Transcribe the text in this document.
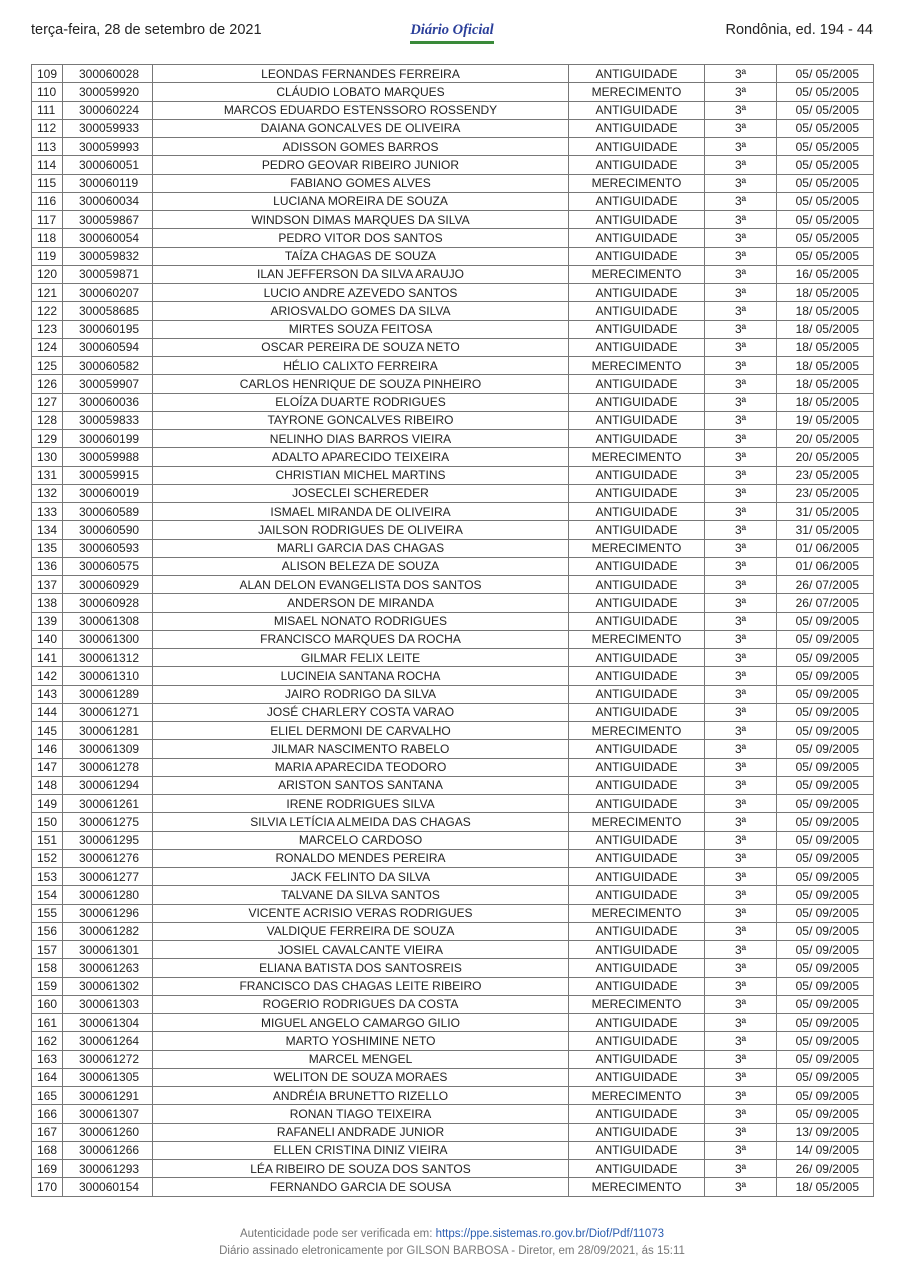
terça-feira, 28 de setembro de 2021	Diário Oficial	Rondônia, ed. 194 - 44
109	300060028	LEONDAS FERNANDES FERREIRA	ANTIGUIDADE	3ª	05/ 05/2005
110	300059920	CLÁUDIO LOBATO MARQUES	MERECIMENTO	3ª	05/ 05/2005
111	300060224	MARCOS EDUARDO ESTENSSORO ROSSENDY	ANTIGUIDADE	3ª	05/ 05/2005
112	300059933	DAIANA GONCALVES DE OLIVEIRA	ANTIGUIDADE	3ª	05/ 05/2005
113	300059993	ADISSON GOMES BARROS	ANTIGUIDADE	3ª	05/ 05/2005
114	300060051	PEDRO GEOVAR RIBEIRO JUNIOR	ANTIGUIDADE	3ª	05/ 05/2005
115	300060119	FABIANO GOMES ALVES	MERECIMENTO	3ª	05/ 05/2005
116	300060034	LUCIANA MOREIRA DE SOUZA	ANTIGUIDADE	3ª	05/ 05/2005
117	300059867	WINDSON DIMAS MARQUES DA SILVA	ANTIGUIDADE	3ª	05/ 05/2005
118	300060054	PEDRO VITOR DOS SANTOS	ANTIGUIDADE	3ª	05/ 05/2005
119	300059832	TAÍZA CHAGAS DE SOUZA	ANTIGUIDADE	3ª	05/ 05/2005
120	300059871	ILAN JEFFERSON DA SILVA ARAUJO	MERECIMENTO	3ª	16/ 05/2005
121	300060207	LUCIO ANDRE AZEVEDO SANTOS	ANTIGUIDADE	3ª	18/ 05/2005
122	300058685	ARIOSVALDO GOMES DA SILVA	ANTIGUIDADE	3ª	18/ 05/2005
123	300060195	MIRTES SOUZA FEITOSA	ANTIGUIDADE	3ª	18/ 05/2005
124	300060594	OSCAR PEREIRA DE SOUZA NETO	ANTIGUIDADE	3ª	18/ 05/2005
125	300060582	HÉLIO CALIXTO FERREIRA	MERECIMENTO	3ª	18/ 05/2005
126	300059907	CARLOS HENRIQUE DE SOUZA PINHEIRO	ANTIGUIDADE	3ª	18/ 05/2005
127	300060036	ELOÍZA DUARTE RODRIGUES	ANTIGUIDADE	3ª	18/ 05/2005
128	300059833	TAYRONE GONCALVES RIBEIRO	ANTIGUIDADE	3ª	19/ 05/2005
129	300060199	NELINHO DIAS BARROS VIEIRA	ANTIGUIDADE	3ª	20/ 05/2005
130	300059988	ADALTO APARECIDO TEIXEIRA	MERECIMENTO	3ª	20/ 05/2005
131	300059915	CHRISTIAN MICHEL MARTINS	ANTIGUIDADE	3ª	23/ 05/2005
132	300060019	JOSECLEI SCHEREDER	ANTIGUIDADE	3ª	23/ 05/2005
133	300060589	ISMAEL MIRANDA DE OLIVEIRA	ANTIGUIDADE	3ª	31/ 05/2005
134	300060590	JAILSON RODRIGUES DE OLIVEIRA	ANTIGUIDADE	3ª	31/ 05/2005
135	300060593	MARLI GARCIA DAS CHAGAS	MERECIMENTO	3ª	01/ 06/2005
136	300060575	ALISON BELEZA DE SOUZA	ANTIGUIDADE	3ª	01/ 06/2005
137	300060929	ALAN DELON EVANGELISTA DOS SANTOS	ANTIGUIDADE	3ª	26/ 07/2005
138	300060928	ANDERSON DE MIRANDA	ANTIGUIDADE	3ª	26/ 07/2005
139	300061308	MISAEL NONATO RODRIGUES	ANTIGUIDADE	3ª	05/ 09/2005
140	300061300	FRANCISCO MARQUES DA ROCHA	MERECIMENTO	3ª	05/ 09/2005
141	300061312	GILMAR FELIX LEITE	ANTIGUIDADE	3ª	05/ 09/2005
142	300061310	LUCINEIA SANTANA ROCHA	ANTIGUIDADE	3ª	05/ 09/2005
143	300061289	JAIRO RODRIGO DA SILVA	ANTIGUIDADE	3ª	05/ 09/2005
144	300061271	JOSÉ CHARLERY COSTA VARAO	ANTIGUIDADE	3ª	05/ 09/2005
145	300061281	ELIEL DERMONI DE CARVALHO	MERECIMENTO	3ª	05/ 09/2005
146	300061309	JILMAR NASCIMENTO RABELO	ANTIGUIDADE	3ª	05/ 09/2005
147	300061278	MARIA APARECIDA TEODORO	ANTIGUIDADE	3ª	05/ 09/2005
148	300061294	ARISTON SANTOS SANTANA	ANTIGUIDADE	3ª	05/ 09/2005
149	300061261	IRENE RODRIGUES SILVA	ANTIGUIDADE	3ª	05/ 09/2005
150	300061275	SILVIA LETÍCIA ALMEIDA DAS CHAGAS	MERECIMENTO	3ª	05/ 09/2005
151	300061295	MARCELO CARDOSO	ANTIGUIDADE	3ª	05/ 09/2005
152	300061276	RONALDO MENDES PEREIRA	ANTIGUIDADE	3ª	05/ 09/2005
153	300061277	JACK FELINTO DA SILVA	ANTIGUIDADE	3ª	05/ 09/2005
154	300061280	TALVANE DA SILVA SANTOS	ANTIGUIDADE	3ª	05/ 09/2005
155	300061296	VICENTE ACRISIO VERAS RODRIGUES	MERECIMENTO	3ª	05/ 09/2005
156	300061282	VALDIQUE FERREIRA DE SOUZA	ANTIGUIDADE	3ª	05/ 09/2005
157	300061301	JOSIEL CAVALCANTE VIEIRA	ANTIGUIDADE	3ª	05/ 09/2005
158	300061263	ELIANA BATISTA DOS SANTOSREIS	ANTIGUIDADE	3ª	05/ 09/2005
159	300061302	FRANCISCO DAS CHAGAS LEITE RIBEIRO	ANTIGUIDADE	3ª	05/ 09/2005
160	300061303	ROGERIO RODRIGUES DA COSTA	MERECIMENTO	3ª	05/ 09/2005
161	300061304	MIGUEL ANGELO CAMARGO GILIO	ANTIGUIDADE	3ª	05/ 09/2005
162	300061264	MARTO YOSHIMINE NETO	ANTIGUIDADE	3ª	05/ 09/2005
163	300061272	MARCEL MENGEL	ANTIGUIDADE	3ª	05/ 09/2005
164	300061305	WELITON DE SOUZA MORAES	ANTIGUIDADE	3ª	05/ 09/2005
165	300061291	ANDRÉIA BRUNETTO RIZELLO	MERECIMENTO	3ª	05/ 09/2005
166	300061307	RONAN TIAGO TEIXEIRA	ANTIGUIDADE	3ª	05/ 09/2005
167	300061260	RAFANELI ANDRADE JUNIOR	ANTIGUIDADE	3ª	13/ 09/2005
168	300061266	ELLEN CRISTINA DINIZ VIEIRA	ANTIGUIDADE	3ª	14/ 09/2005
169	300061293	LÉA RIBEIRO DE SOUZA DOS SANTOS	ANTIGUIDADE	3ª	26/ 09/2005
170	300060154	FERNANDO GARCIA DE SOUSA	MERECIMENTO	3ª	18/ 05/2005
Autenticidade pode ser verificada em: https://ppe.sistemas.ro.gov.br/Diof/Pdf/11073
Diário assinado eletronicamente por GILSON BARBOSA - Diretor, em 28/09/2021, ás 15:11
